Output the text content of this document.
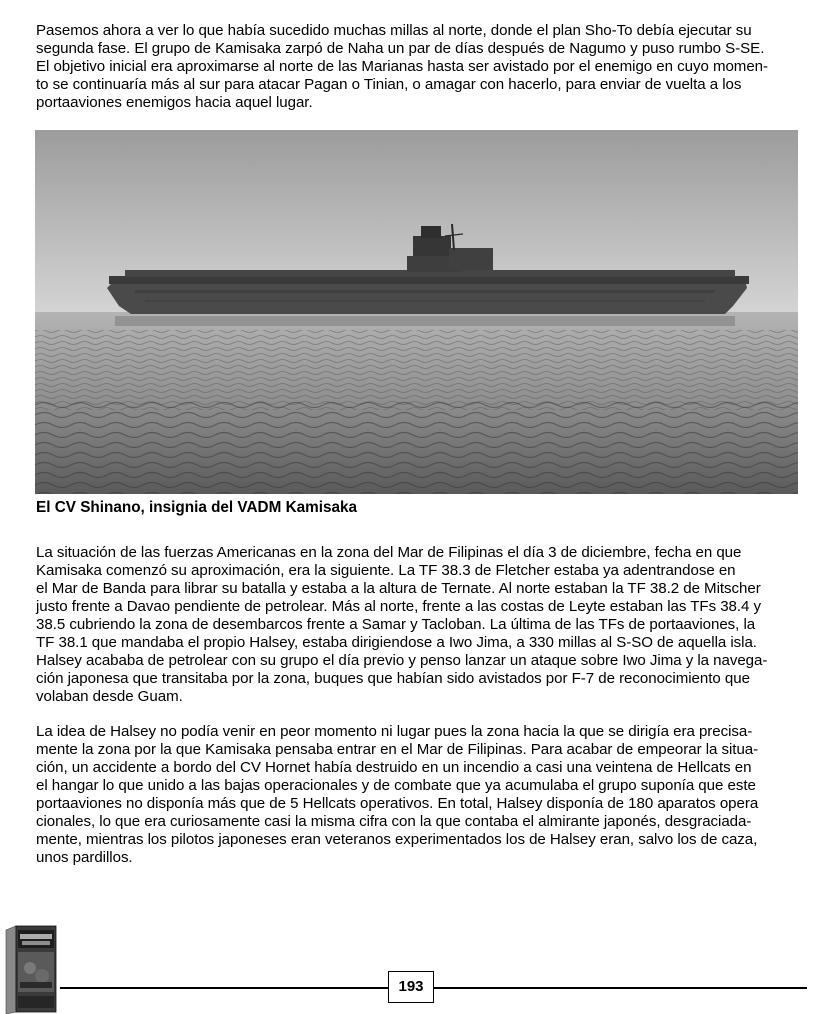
Pasemos ahora a ver lo que había sucedido muchas millas al norte, donde el plan Sho-To debía ejecutar su
segunda fase. El grupo de Kamisaka zarpó de Naha un par de días después de Nagumo y puso rumbo S-SE.
El objetivo inicial era aproximarse al norte de las Marianas hasta ser avistado por el enemigo en cuyo momen-
to se continuaría más al sur para atacar Pagan o Tinian, o amagar con hacerlo, para enviar de vuelta a los
portaaviones enemigos hacia aquel lugar.
El CV Shinano, insignia del VADM Kamisaka
La situación de las fuerzas Americanas en la zona del Mar de Filipinas el día 3 de diciembre, fecha en que
Kamisaka comenzó su aproximación, era la siguiente. La TF 38.3 de Fletcher estaba ya adentrandose en
el Mar de Banda para librar su batalla y estaba a la altura de Ternate. Al norte estaban la TF 38.2 de Mitscher
justo frente a Davao pendiente de petrolear. Más al norte, frente a las costas de Leyte estaban las TFs 38.4 y
38.5 cubriendo la zona de desembarcos frente a Samar y Tacloban. La última de las TFs de portaaviones, la
TF 38.1 que mandaba el propio Halsey, estaba dirigiendose a Iwo Jima, a 330 millas al S-SO de aquella isla.
Halsey acababa de petrolear con su grupo el día previo y penso lanzar un ataque sobre Iwo Jima y la navega-
ción japonesa que transitaba por la zona, buques que habían sido avistados por F-7 de reconocimiento que
volaban desde Guam.
La idea de Halsey no podía venir en peor momento ni lugar pues la zona hacia la que se dirigía era precisa-
mente la zona por la que Kamisaka pensaba entrar en el Mar de Filipinas. Para acabar de empeorar la situa-
ción, un accidente a bordo del CV Hornet había destruido en un incendio a casi una veintena de Hellcats en
el hangar lo que unido a las bajas operacionales y de combate que ya acumulaba el grupo suponía que este
portaaviones no disponía más que de 5 Hellcats operativos. En total, Halsey disponía de 180 aparatos opera
cionales, lo que era curiosamente casi la misma cifra con la que contaba el almirante japonés, desgraciada-
mente, mientras los pilotos japoneses eran veteranos experimentados los de Halsey eran, salvo los de caza,
unos pardillos.
193
